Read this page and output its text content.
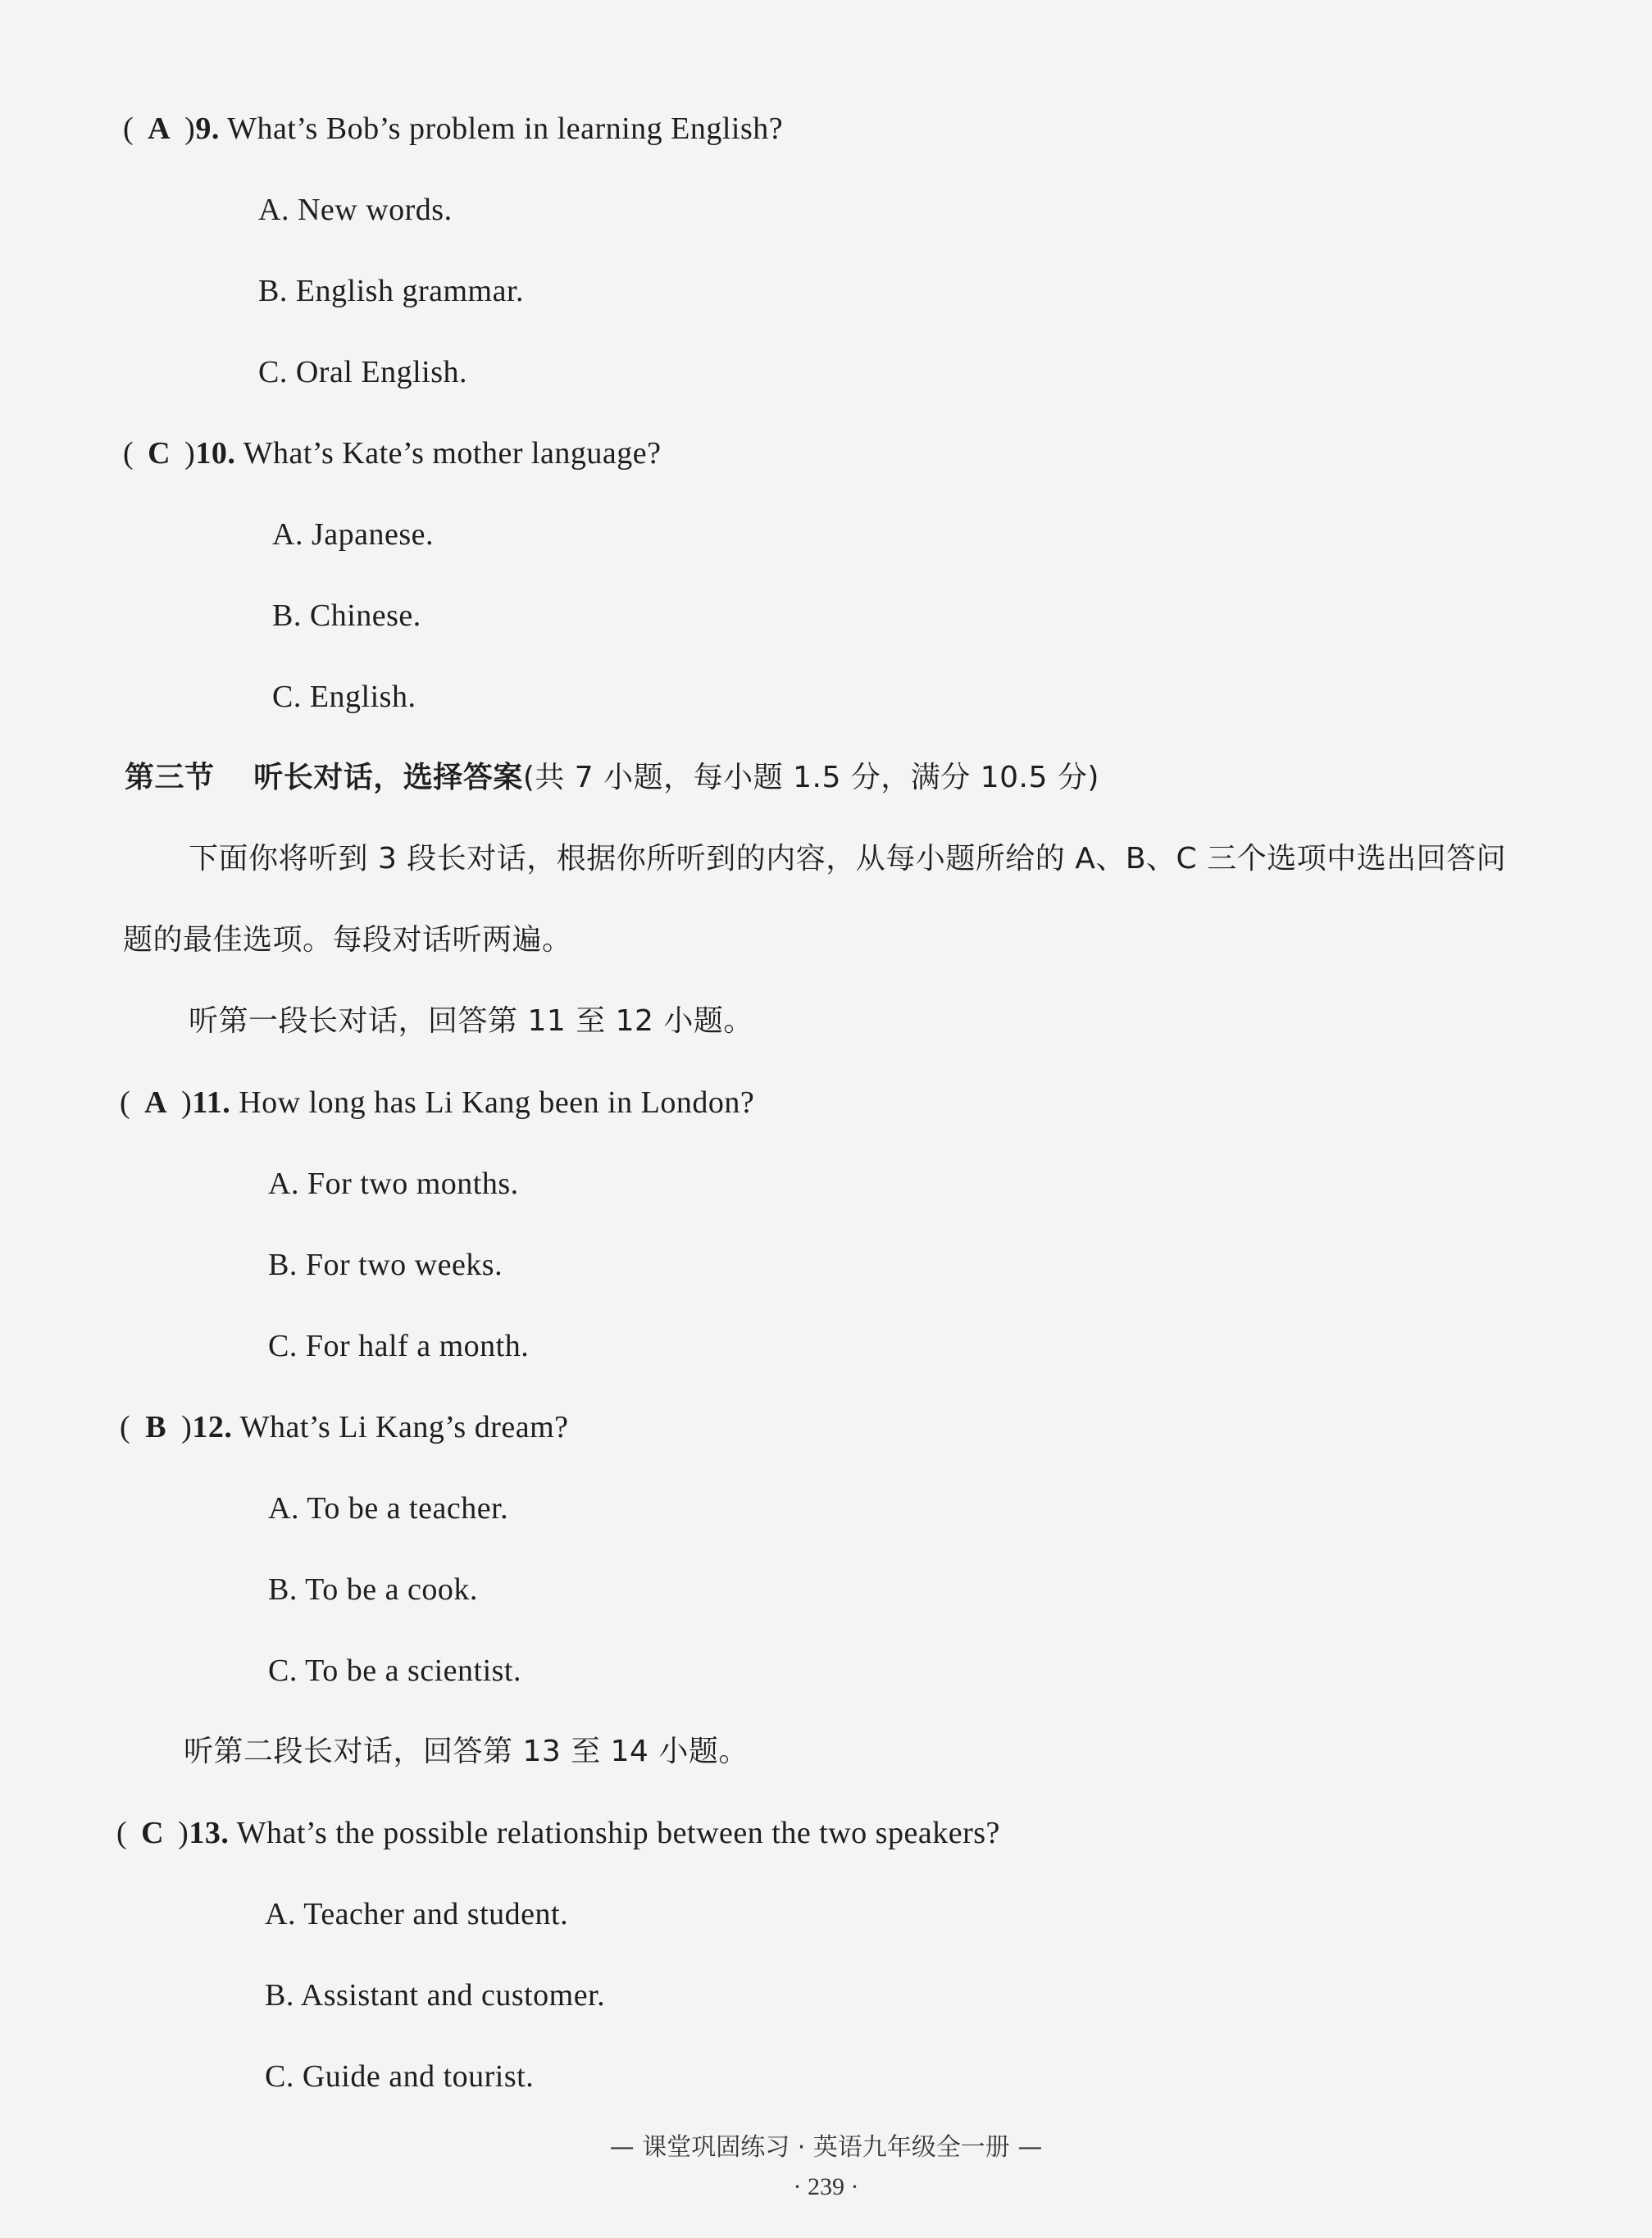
( A )9. What’s Bob’s problem in learning English?
A. New words.
B. English grammar.
C. Oral English.
( C )10. What’s Kate’s mother language?
A. Japanese.
B. Chinese.
C. English.
第三节 听长对话，选择答案(共 7 小题，每小题 1.5 分，满分 10.5 分)
下面你将听到 3 段长对话，根据你所听到的内容，从每小题所给的 A、B、C 三个选项中选出回答问
题的最佳选项。每段对话听两遍。
听第一段长对话，回答第 11 至 12 小题。
( A )11. How long has Li Kang been in London?
A. For two months.
B. For two weeks.
C. For half a month.
( B )12. What’s Li Kang’s dream?
A. To be a teacher.
B. To be a cook.
C. To be a scientist.
听第二段长对话，回答第 13 至 14 小题。
( C )13. What’s the possible relationship between the two speakers?
A. Teacher and student.
B. Assistant and customer.
C. Guide and tourist.
— 课堂巩固练习 · 英语九年级全一册 —
· 239 ·
